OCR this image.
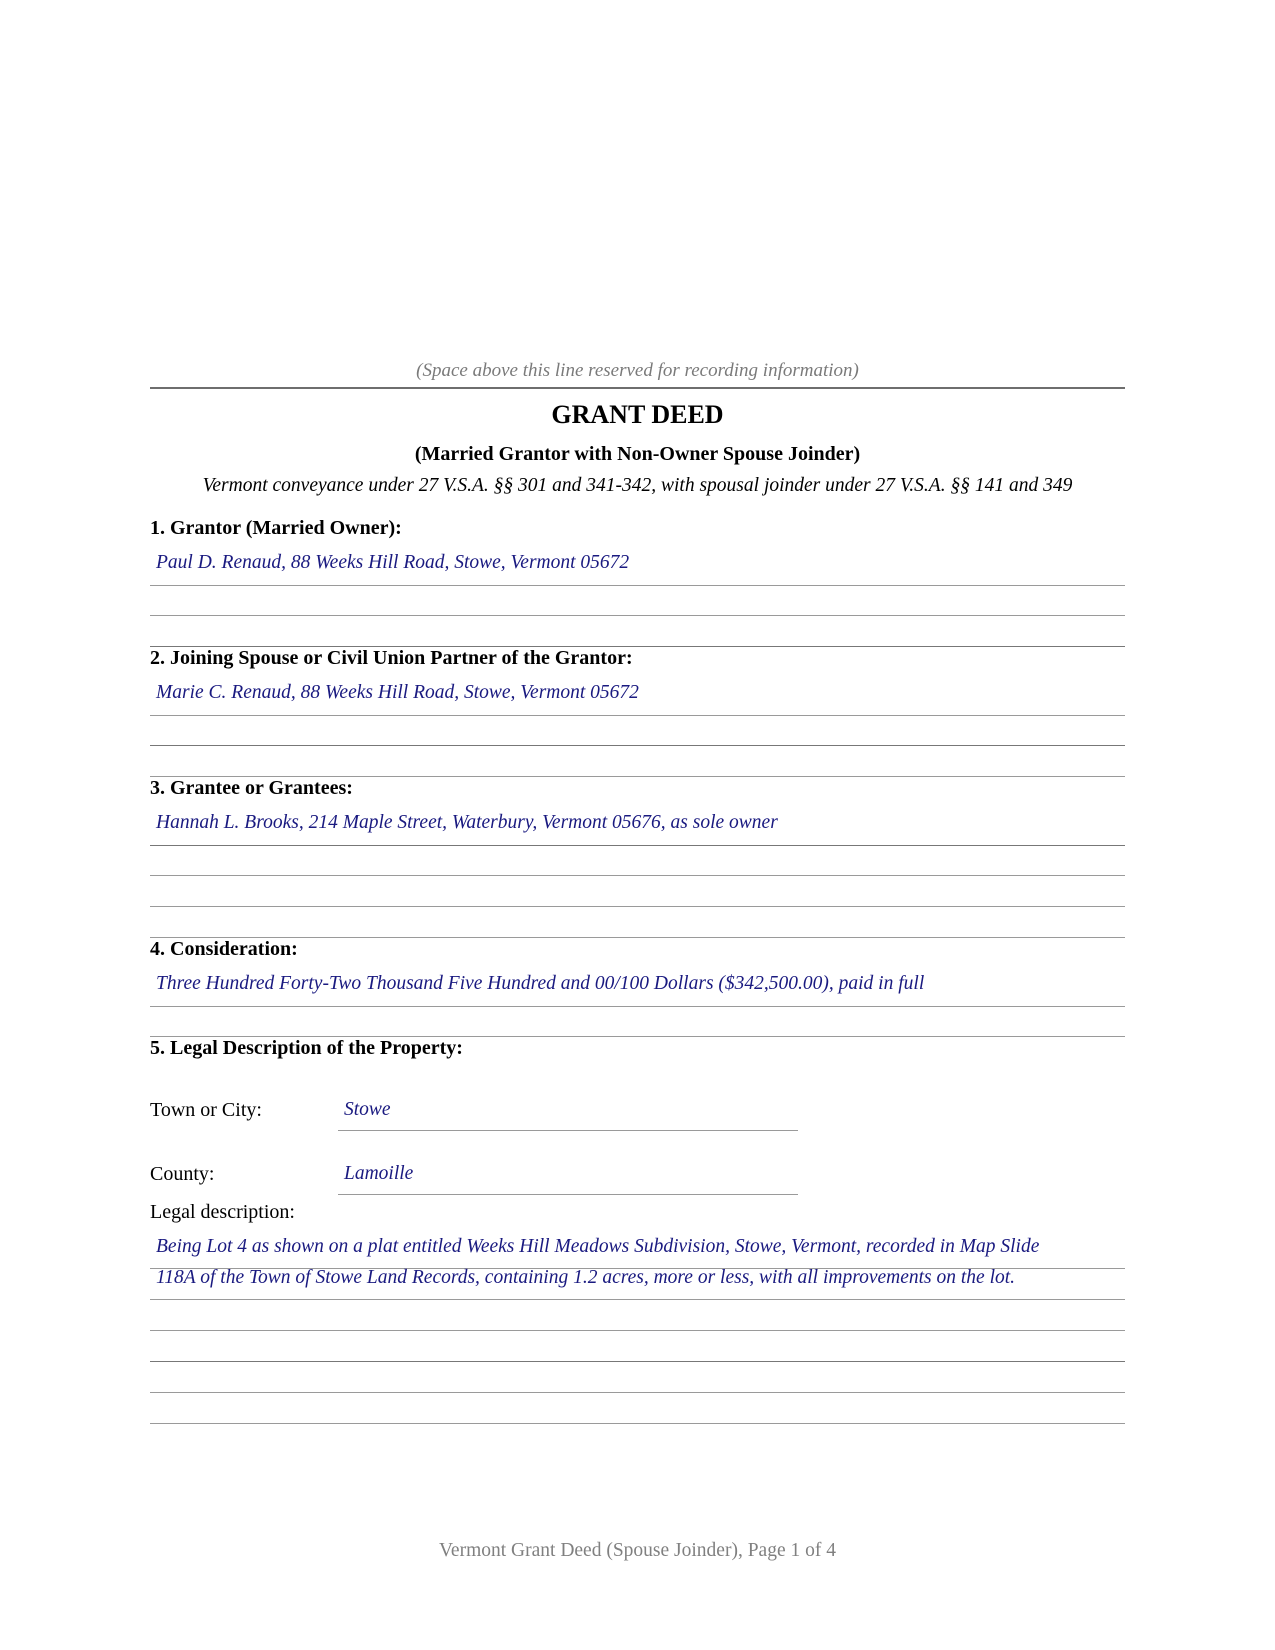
(Space above this line reserved for recording information)
GRANT DEED
(Married Grantor with Non-Owner Spouse Joinder)
Vermont conveyance under 27 V.S.A. §§ 301 and 341-342, with spousal joinder under 27 V.S.A. §§ 141 and 349
1. Grantor (Married Owner):
Paul D. Renaud, 88 Weeks Hill Road, Stowe, Vermont 05672
2. Joining Spouse or Civil Union Partner of the Grantor:
Marie C. Renaud, 88 Weeks Hill Road, Stowe, Vermont 05672
3. Grantee or Grantees:
Hannah L. Brooks, 214 Maple Street, Waterbury, Vermont 05676, as sole owner
4. Consideration:
Three Hundred Forty-Two Thousand Five Hundred and 00/100 Dollars ($342,500.00), paid in full
5. Legal Description of the Property:
Town or City:	Stowe
County:	Lamoille
Legal description:
Being Lot 4 as shown on a plat entitled Weeks Hill Meadows Subdivision, Stowe, Vermont, recorded in Map Slide
118A of the Town of Stowe Land Records, containing 1.2 acres, more or less, with all improvements on the lot.
Vermont Grant Deed (Spouse Joinder), Page 1 of 4
